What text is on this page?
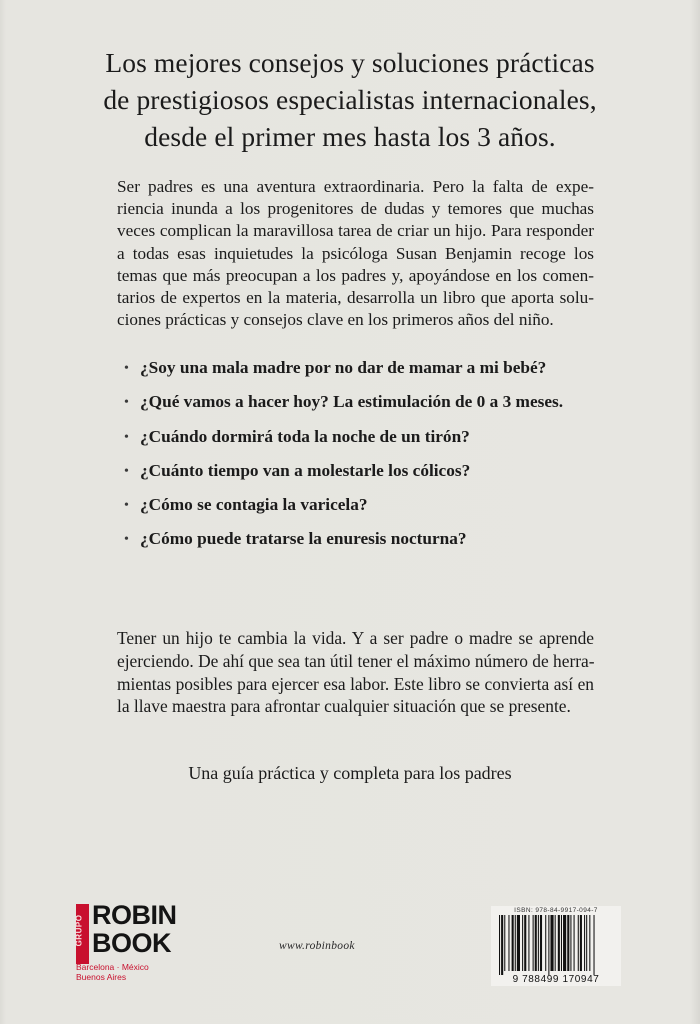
Los mejores consejos y soluciones prácticas
de prestigiosos especialistas internacionales,
desde el primer mes hasta los 3 años.
Ser padres es una aventura extraordinaria. Pero la falta de expe-
riencia inunda a los progenitores de dudas y temores que muchas
veces complican la maravillosa tarea de criar un hijo. Para responder
a todas esas inquietudes la psicóloga Susan Benjamin recoge los
temas que más preocupan a los padres y, apoyándose en los comen-
tarios de expertos en la materia, desarrolla un libro que aporta solu-
ciones prácticas y consejos clave en los primeros años del niño.
• ¿Soy una mala madre por no dar de mamar a mi bebé?
• ¿Qué vamos a hacer hoy? La estimulación de 0 a 3 meses.
• ¿Cuándo dormirá toda la noche de un tirón?
• ¿Cuánto tiempo van a molestarle los cólicos?
• ¿Cómo se contagia la varicela?
• ¿Cómo puede tratarse la enuresis nocturna?
Tener un hijo te cambia la vida. Y a ser padre o madre se aprende
ejerciendo. De ahí que sea tan útil tener el máximo número de herra-
mientas posibles para ejercer esa labor. Este libro se convierta así en
la llave maestra para afrontar cualquier situación que se presente.
Una guía práctica y completa para los padres
GRUPO ROBIN
BOOK
Barcelona · México
Buenos Aires
www.robinbook
ISBN: 978-84-9917-094-7
9 788499 170947
